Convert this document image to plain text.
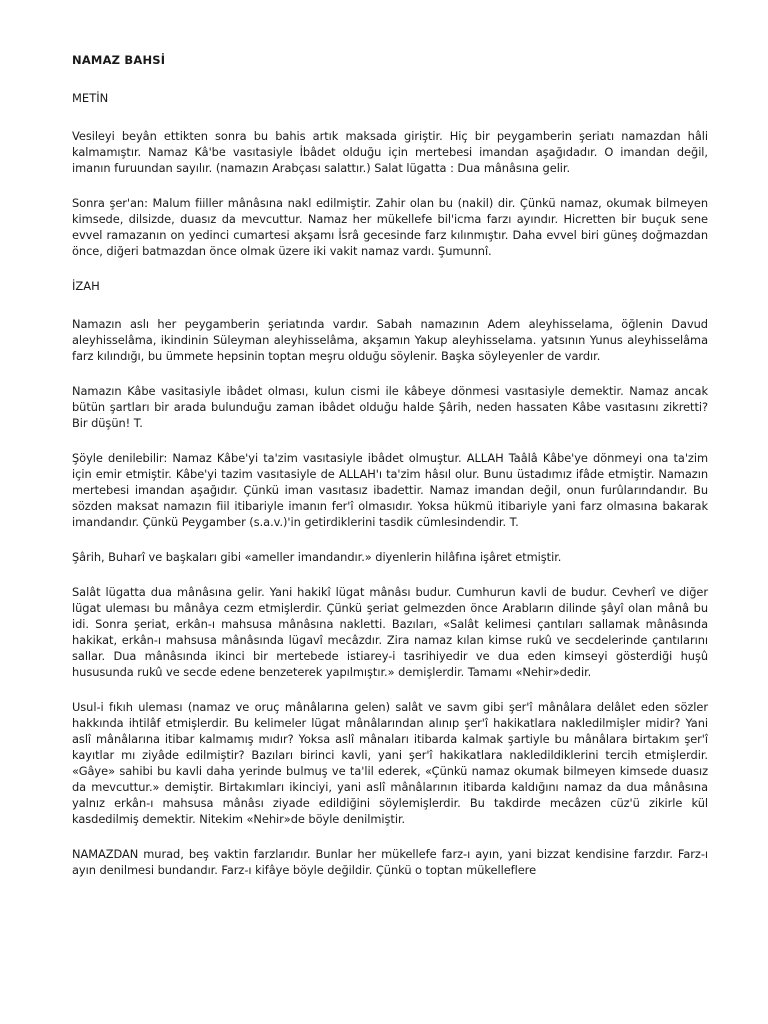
NAMAZ BAHSİ
METİN

Vesileyi beyân ettikten sonra bu bahis artık maksada giriştir. Hiç bir peygamberin şeriatı namazdan hâli kalmamıştır. Namaz Kâ'be vasıtasiyle İbâdet olduğu için mertebesi imandan aşağıdadır. O imandan değil, imanın furuundan sayılır. (namazın Arabçası salattır.) Salat lügatta : Dua mânâsına gelir.

Sonra şer'an: Malum fiiller mânâsına nakl edilmiştir. Zahir olan bu (nakil) dir. Çünkü namaz, okumak bilmeyen kimsede, dilsizde, duasız da mevcuttur. Namaz her mükellefe bil'icma farzı ayındır. Hicretten bir buçuk sene evvel ramazanın on yedinci cumartesi akşamı İsrâ gecesinde farz kılınmıştır. Daha evvel biri güneş doğmazdan önce, diğeri batmazdan önce olmak üzere iki vakit namaz vardı. Şumunnî.

İZAH

Namazın aslı her peygamberin şeriatında vardır. Sabah namazının Adem aleyhisselama, öğlenin Davud aleyhisselâma, ikindinin Süleyman aleyhisselâma, akşamın Yakup aleyhisselama. yatsının Yunus aleyhisselâma farz kılındığı, bu ümmete hepsinin toptan meşru olduğu söylenir. Başka söyleyenler de vardır.

Namazın Kâbe vasitasiyle ibâdet olması, kulun cismi ile kâbeye dönmesi vasıtasiyle demektir. Namaz ancak bütün şartları bir arada bulunduğu zaman ibâdet olduğu halde Şârih, neden hassaten Kâbe vasıtasını zikretti? Bir düşün! T.

Şöyle denilebilir: Namaz Kâbe'yi ta'zim vasıtasiyle ibâdet olmuştur. ALLAH Taâlâ Kâbe'ye dönmeyi ona ta'zim için emir etmiştir. Kâbe'yi tazim vasıtasiyle de ALLAH'ı ta'zim hâsıl olur. Bunu üstadımız ifâde etmiştir. Namazın mertebesi imandan aşağıdır. Çünkü iman vasıtasız ibadettir. Namaz imandan değil, onun furûlarındandır. Bu sözden maksat namazın fiil itibariyle imanın fer'î olmasıdır. Yoksa hükmü itibariyle yani farz olmasına bakarak imandandır. Çünkü Peygamber (s.a.v.)'in getirdiklerini tasdik cümlesindendir. T.

Şârih, Buharî ve başkaları gibi «ameller imandandır.» diyenlerin hilâfına işâret etmiştir.

Salât lügatta dua mânâsına gelir. Yani hakikî lügat mânâsı budur. Cumhurun kavli de budur. Cevherî ve diğer lügat uleması bu mânâya cezm etmişlerdir. Çünkü şeriat gelmezden önce Arabların dilinde şâyî olan mânâ bu idi. Sonra şeriat, erkân-ı mahsusa mânâsına nakletti. Bazıları, «Salât kelimesi çantıları sallamak mânâsında hakikat, erkân-ı mahsusa mânâsında lügavî mecâzdır. Zira namaz kılan kimse rukû ve secdelerinde çantılarını sallar. Dua mânâsında ikinci bir mertebede istiarey-i tasrihiyedir ve dua eden kimseyi gösterdiği huşû hususunda rukû ve secde edene benzeterek yapılmıştır.» demişlerdir. Tamamı «Nehir»dedir.

Usul-i fıkıh uleması (namaz ve oruç mânâlarına gelen) salât ve savm gibi şer'î mânâlara delâlet eden sözler hakkında ihtilâf etmişlerdir. Bu kelimeler lügat mânâlarından alınıp şer'î hakikatlara nakledilmişler midir? Yani aslî mânâlarına itibar kalmamış mıdır? Yoksa aslî mânaları itibarda kalmak şartiyle bu mânâlara birtakım şer'î kayıtlar mı ziyâde edilmiştir? Bazıları birinci kavli, yani şer'î hakikatlara nakledildiklerini tercih etmişlerdir. «Gâye» sahibi bu kavli daha yerinde bulmuş ve ta'lil ederek, «Çünkü namaz okumak bilmeyen kimsede duasız da mevcuttur.» demiştir. Birtakımları ikinciyi, yani aslî mânâlarının itibarda kaldığını namaz da dua mânâsına yalnız erkân-ı mahsusa mânâsı ziyade edildiğini söylemişlerdir. Bu takdirde mecâzen cüz'ü zikirle kül kasdedilmiş demektir. Nitekim «Nehir»de böyle denilmiştir.

NAMAZDAN murad, beş vaktin farzlarıdır. Bunlar her mükellefe farz-ı ayın, yani bizzat kendisine farzdır. Farz-ı ayın denilmesi bundandır. Farz-ı kifâye böyle değildir. Çünkü o toptan mükelleflere
